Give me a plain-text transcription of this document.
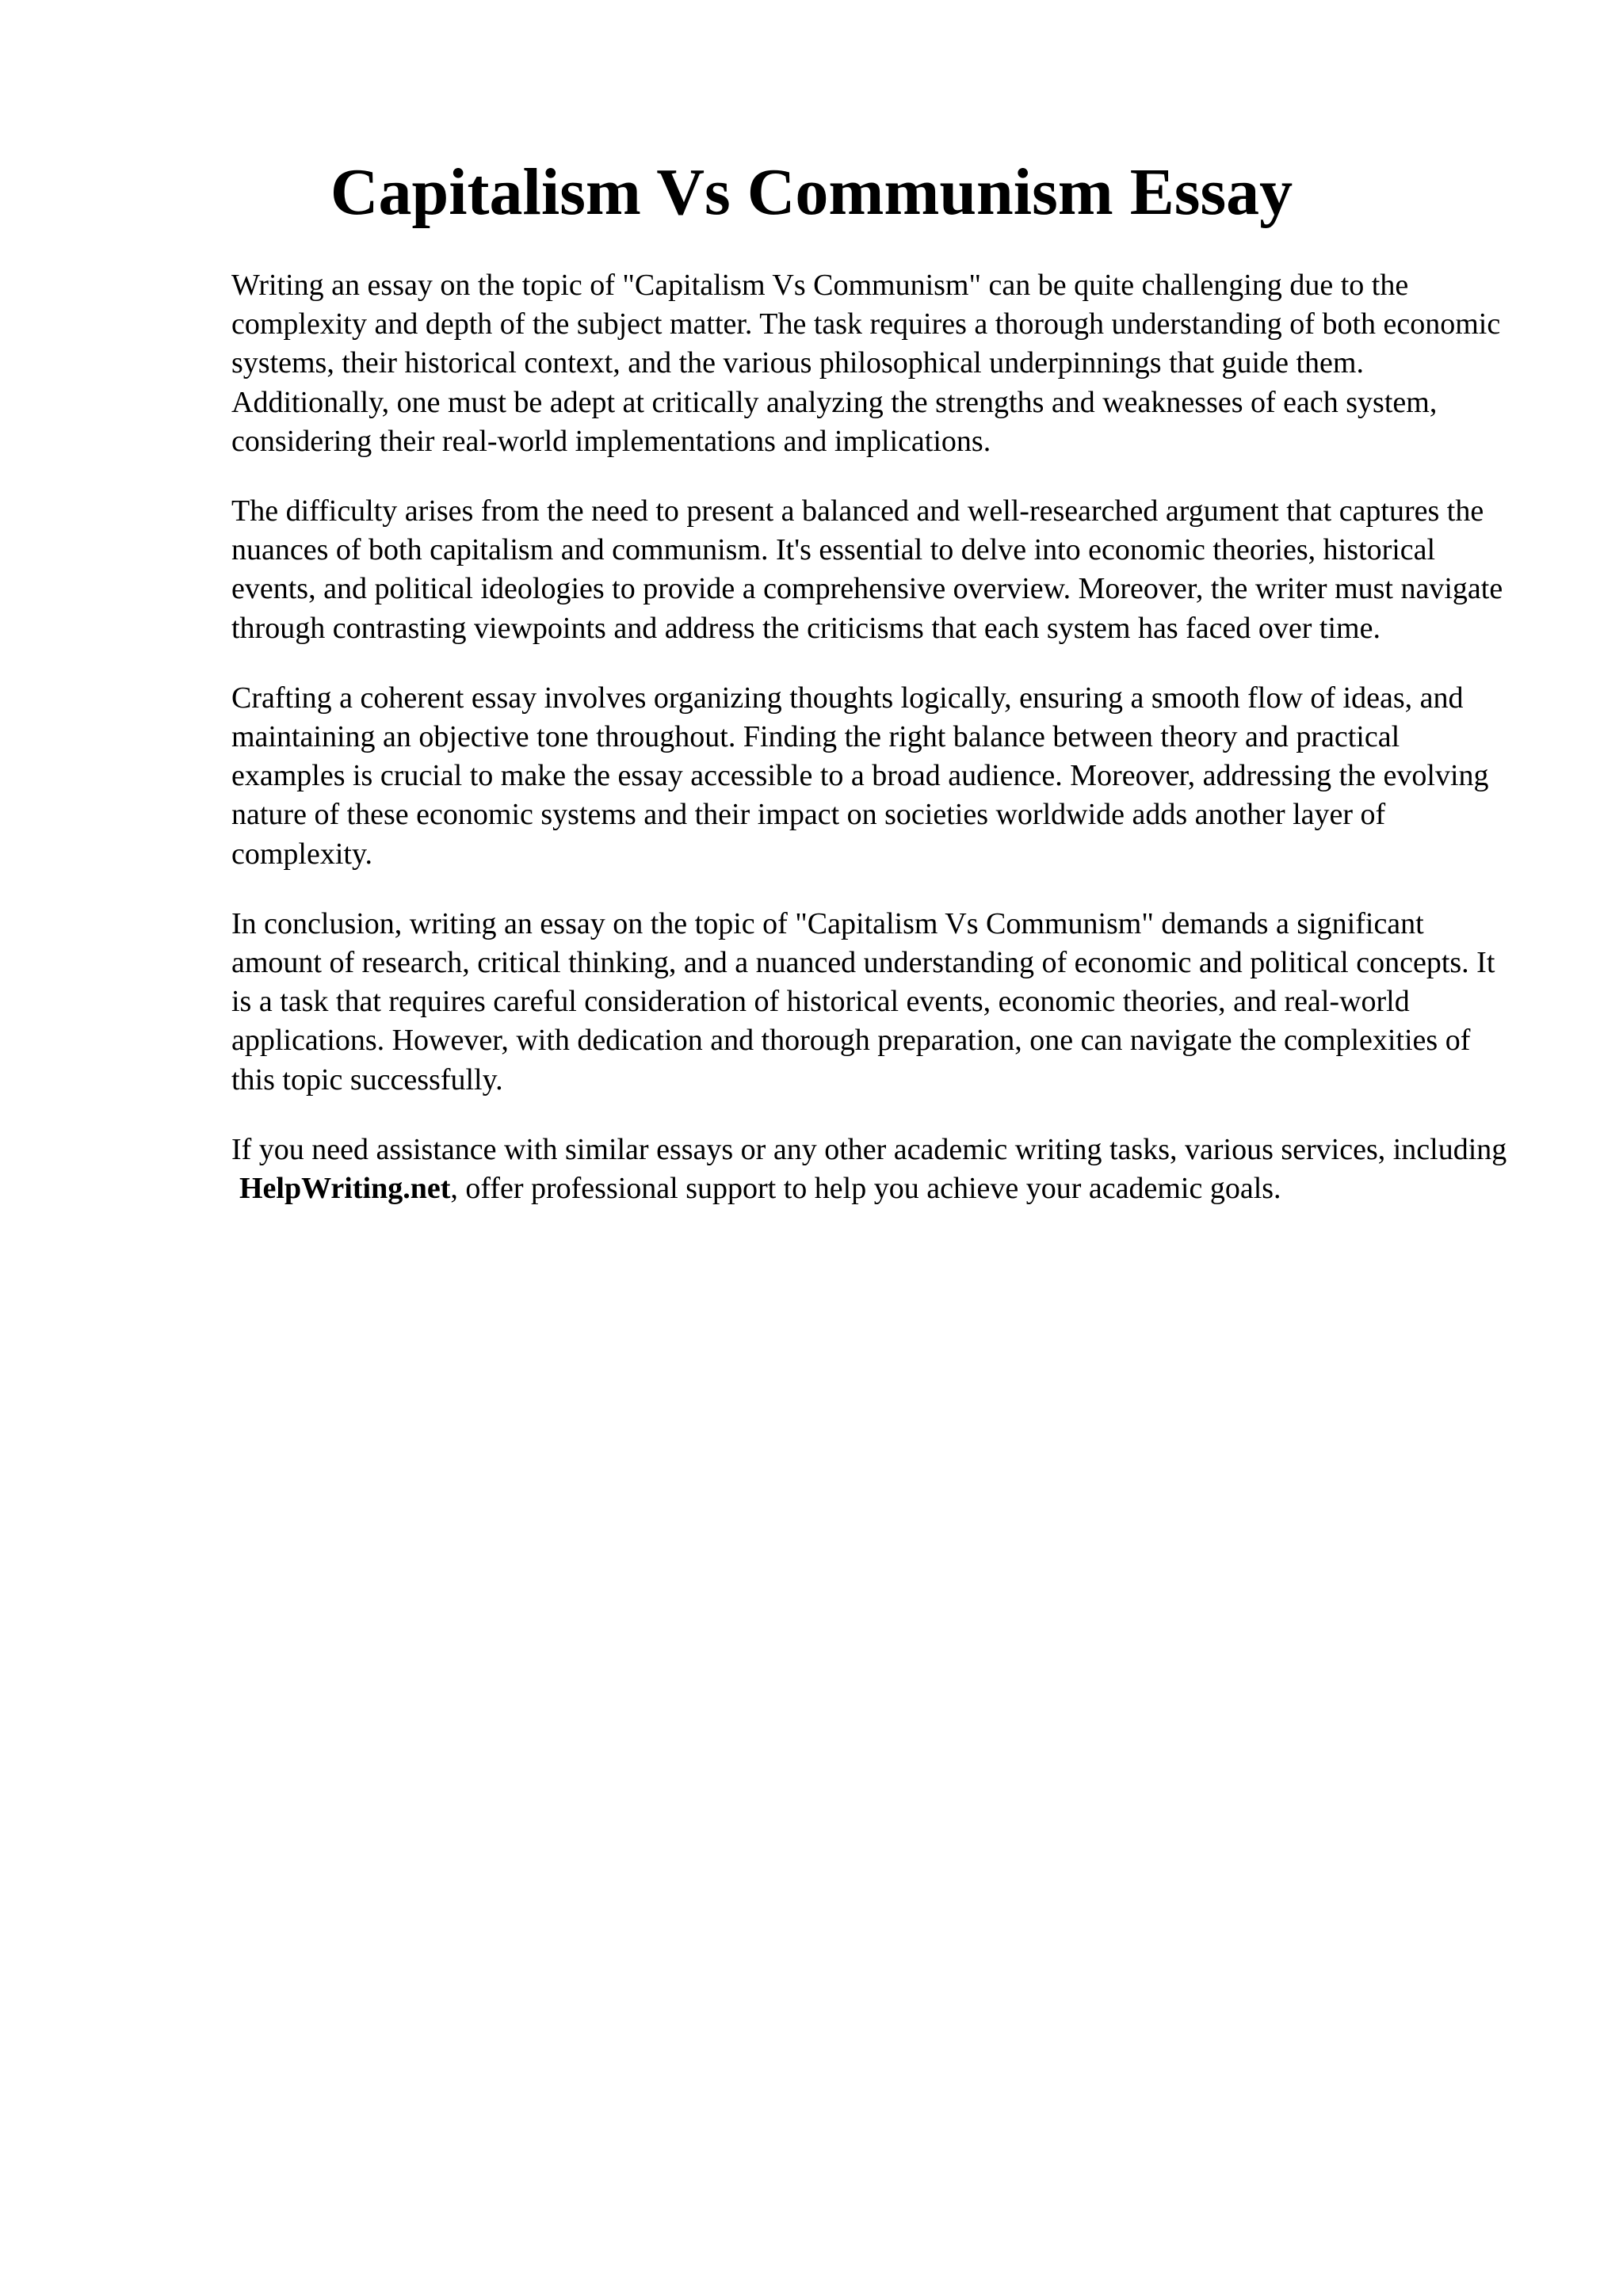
Capitalism Vs Communism Essay

Writing an essay on the topic of "Capitalism Vs Communism" can be quite challenging due to the complexity and depth of the subject matter. The task requires a thorough understanding of both economic systems, their historical context, and the various philosophical underpinnings that guide them. Additionally, one must be adept at critically analyzing the strengths and weaknesses of each system, considering their real-world implementations and implications.

The difficulty arises from the need to present a balanced and well-researched argument that captures the nuances of both capitalism and communism. It's essential to delve into economic theories, historical events, and political ideologies to provide a comprehensive overview. Moreover, the writer must navigate through contrasting viewpoints and address the criticisms that each system has faced over time.

Crafting a coherent essay involves organizing thoughts logically, ensuring a smooth flow of ideas, and maintaining an objective tone throughout. Finding the right balance between theory and practical examples is crucial to make the essay accessible to a broad audience. Moreover, addressing the evolving nature of these economic systems and their impact on societies worldwide adds another layer of complexity.

In conclusion, writing an essay on the topic of "Capitalism Vs Communism" demands a significant amount of research, critical thinking, and a nuanced understanding of economic and political concepts. It is a task that requires careful consideration of historical events, economic theories, and real-world applications. However, with dedication and thorough preparation, one can navigate the complexities of this topic successfully.

If you need assistance with similar essays or any other academic writing tasks, various services, including HelpWriting.net, offer professional support to help you achieve your academic goals.
